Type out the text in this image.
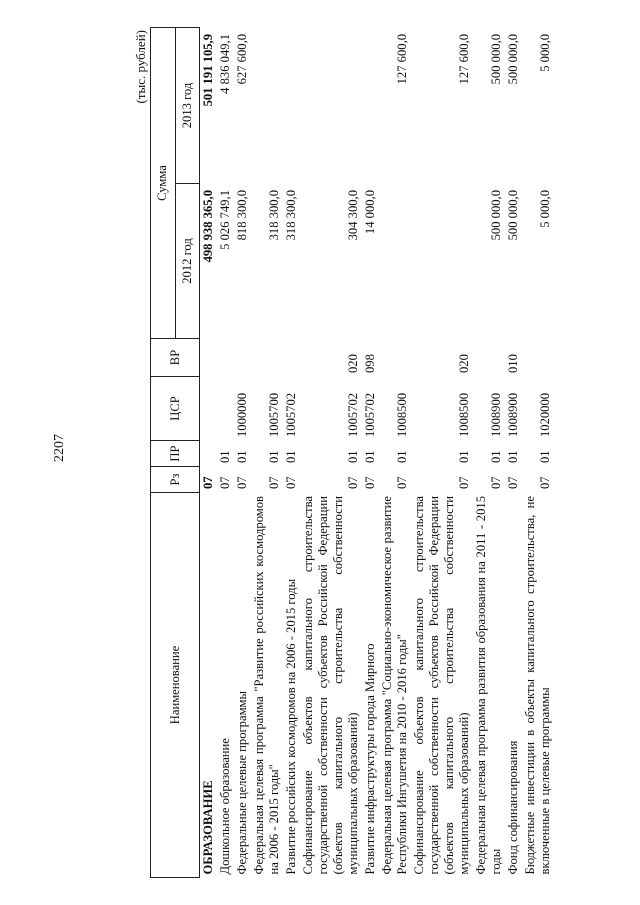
2207
(тыс. рублей)
Наименование	Рз	ПР	ЦСР	ВР	Сумма	
					2012 год	2013 год
ОБРАЗОВАНИЕ	07				498 938 365,0	501 191 105,9
Дошкольное образование	07	01			5 026 749,1	4 836 049,1
Федеральные целевые программы	07	01	1000000		818 300,0	627 600,0
Федеральная целевая программа "Развитие российских космодромов на 2006 - 2015 годы"	07	01	1005700		318 300,0	
Развитие российских космодромов на 2006 - 2015 годы	07	01	1005702		318 300,0	
Софинансирование объектов капитального строительства государственной собственности субъектов Российской Федерации (объектов капитального строительства собственности муниципальных образований)	07	01	1005702	020	304 300,0	
Развитие инфраструктуры города Мирного	07	01	1005702	098	14 000,0	
Федеральная целевая программа "Социально-экономическое развитие Республики Ингушетия на 2010 - 2016 годы"	07	01	1008500			127 600,0
Софинансирование объектов капитального строительства государственной собственности субъектов Российской Федерации (объектов капитального строительства собственности муниципальных образований)	07	01	1008500	020		127 600,0
Федеральная целевая программа развития образования на 2011 - 2015 годы	07	01	1008900		500 000,0	500 000,0
Фонд софинансирования	07	01	1008900	010	500 000,0	500 000,0
Бюджетные инвестиции в объекты капитального строительства, не включенные в целевые программы	07	01	1020000		5 000,0	5 000,0
